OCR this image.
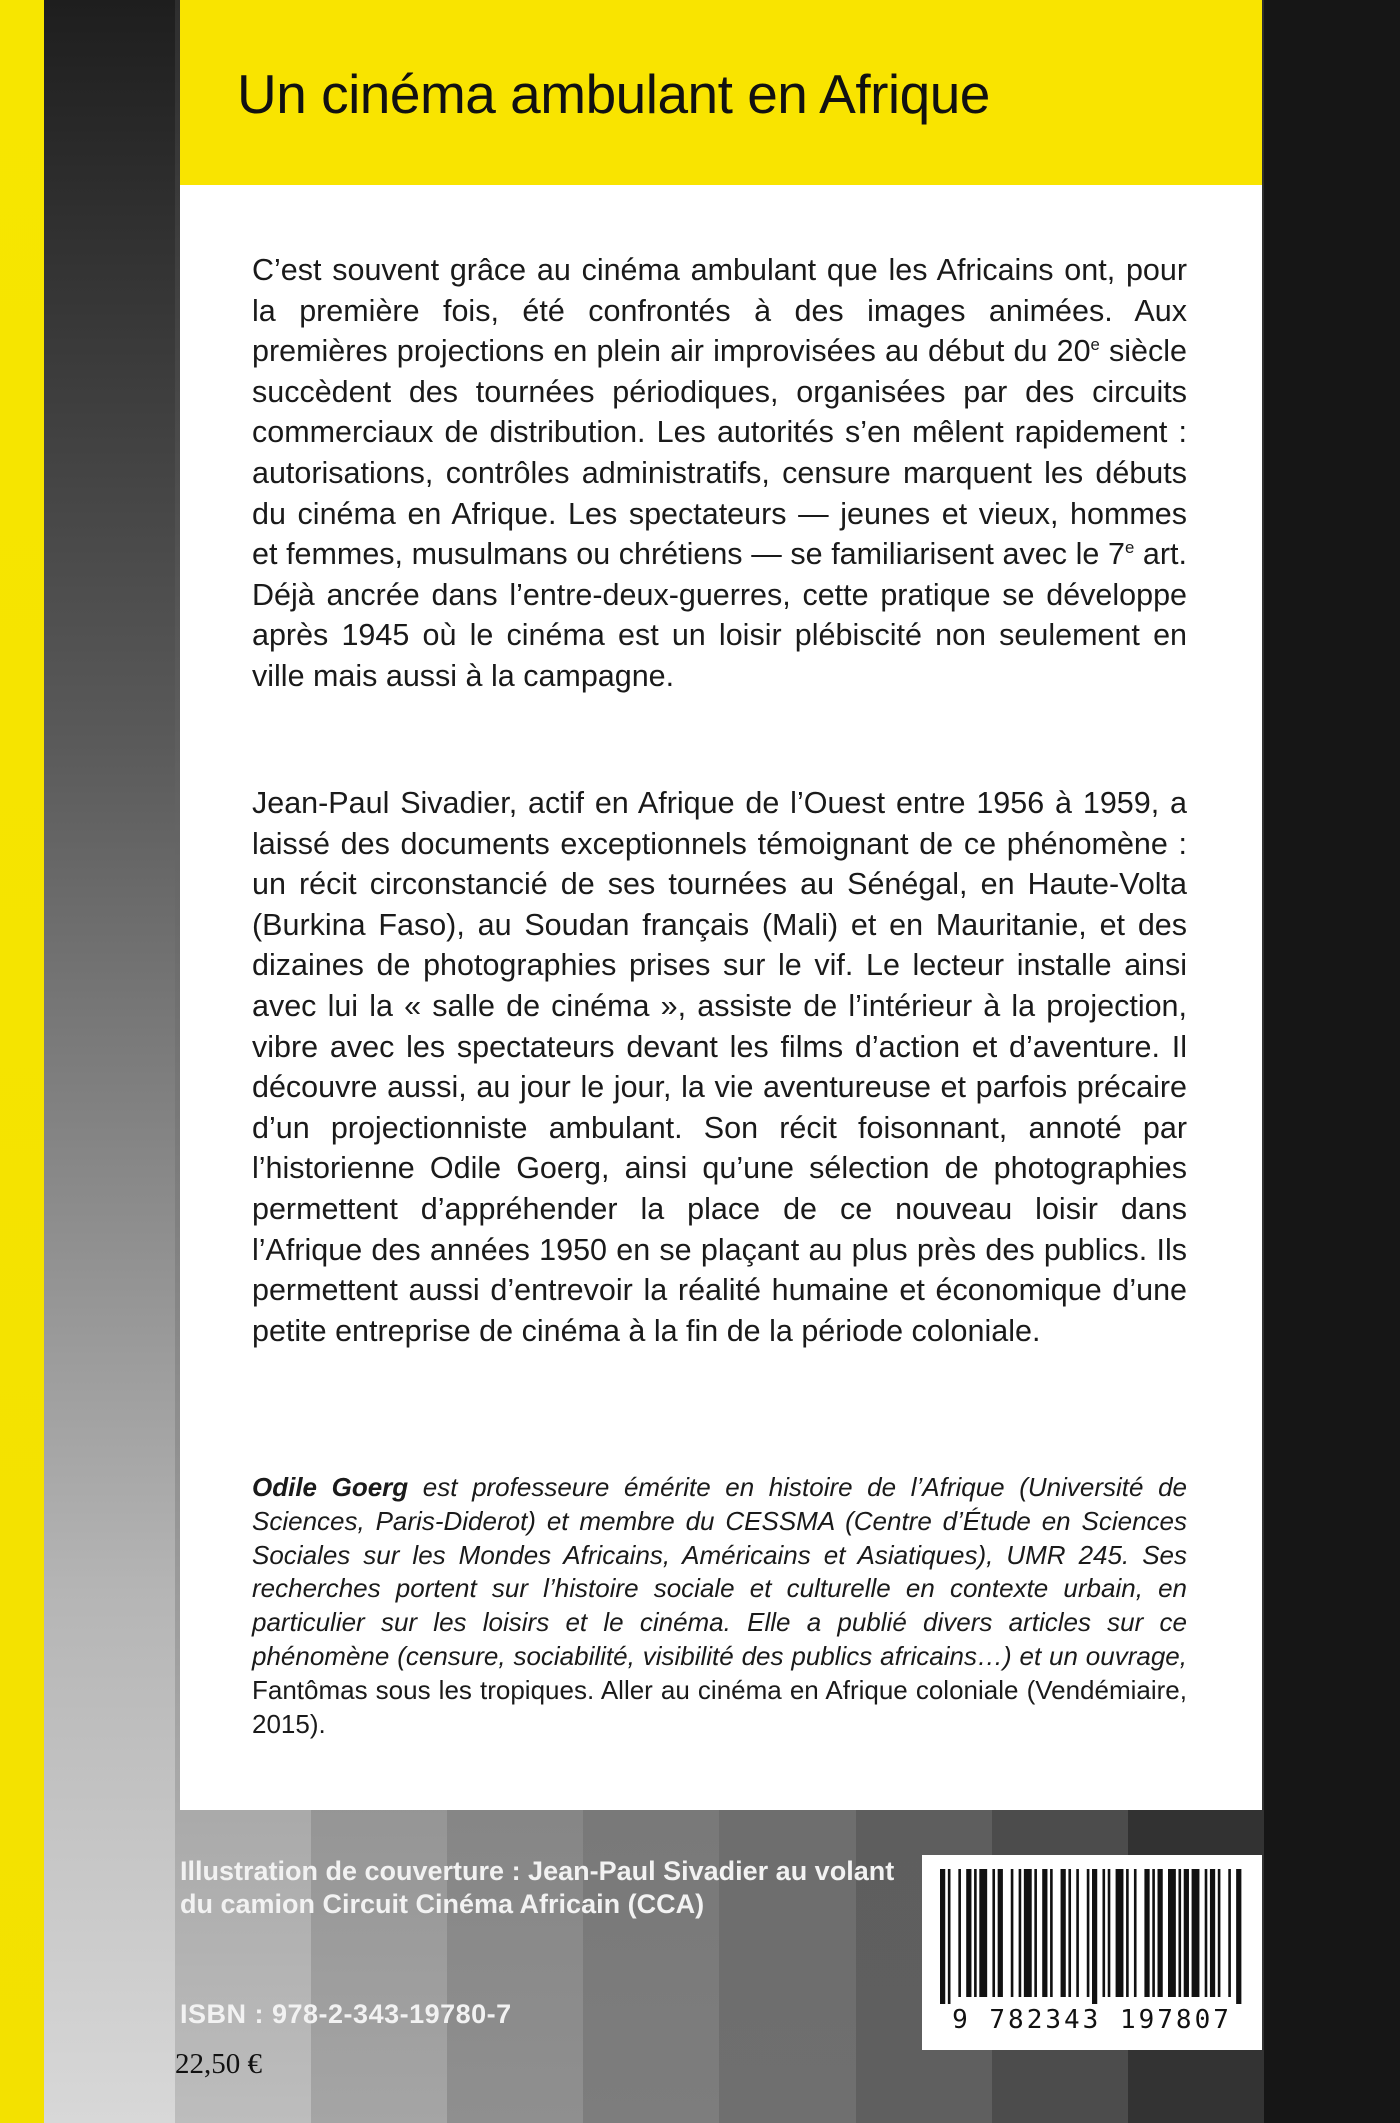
Un cinéma ambulant en Afrique
C’est souvent grâce au cinéma ambulant que les Africains ont, pour la première fois, été confrontés à des images animées. Aux premières projections en plein air improvisées au début du 20e siècle succèdent des tournées périodiques, organisées par des circuits commerciaux de distribution. Les autorités s’en mêlent rapidement : autorisations, contrôles administratifs, censure marquent les débuts du cinéma en Afrique. Les spectateurs — jeunes et vieux, hommes et femmes, musulmans ou chrétiens — se familiarisent avec le 7e art. Déjà ancrée dans l’entre-deux-guerres, cette pratique se développe après 1945 où le cinéma est un loisir plébiscité non seulement en ville mais aussi à la campagne.
Jean-Paul Sivadier, actif en Afrique de l’Ouest entre 1956 à 1959, a laissé des documents exceptionnels témoignant de ce phénomène : un récit circonstancié de ses tournées au Sénégal, en Haute-Volta (Burkina Faso), au Soudan français (Mali) et en Mauritanie, et des dizaines de photographies prises sur le vif. Le lecteur installe ainsi avec lui la « salle de cinéma », assiste de l’intérieur à la projection, vibre avec les spectateurs devant les films d’action et d’aventure. Il découvre aussi, au jour le jour, la vie aventureuse et parfois précaire d’un projectionniste ambulant. Son récit foisonnant, annoté par l’historienne Odile Goerg, ainsi qu’une sélection de photographies permettent d’appréhender la place de ce nouveau loisir dans l’Afrique des années 1950 en se plaçant au plus près des publics. Ils permettent aussi d’entrevoir la réalité humaine et économique d’une petite entreprise de cinéma à la fin de la période coloniale.
Odile Goerg est professeure émérite en histoire de l’Afrique (Université de Sciences, Paris-Diderot) et membre du CESSMA (Centre d’Étude en Sciences Sociales sur les Mondes Africains, Américains et Asiatiques), UMR 245. Ses recherches portent sur l’histoire sociale et culturelle en contexte urbain, en particulier sur les loisirs et le cinéma. Elle a publié divers articles sur ce phénomène (censure, sociabilité, visibilité des publics africains…) et un ouvrage, Fantômas sous les tropiques. Aller au cinéma en Afrique coloniale (Vendémiaire, 2015).
Illustration de couverture : Jean-Paul Sivadier au volant du camion Circuit Cinéma Africain (CCA)
ISBN : 978-2-343-19780-7
22,50 €
9 782343 197807
